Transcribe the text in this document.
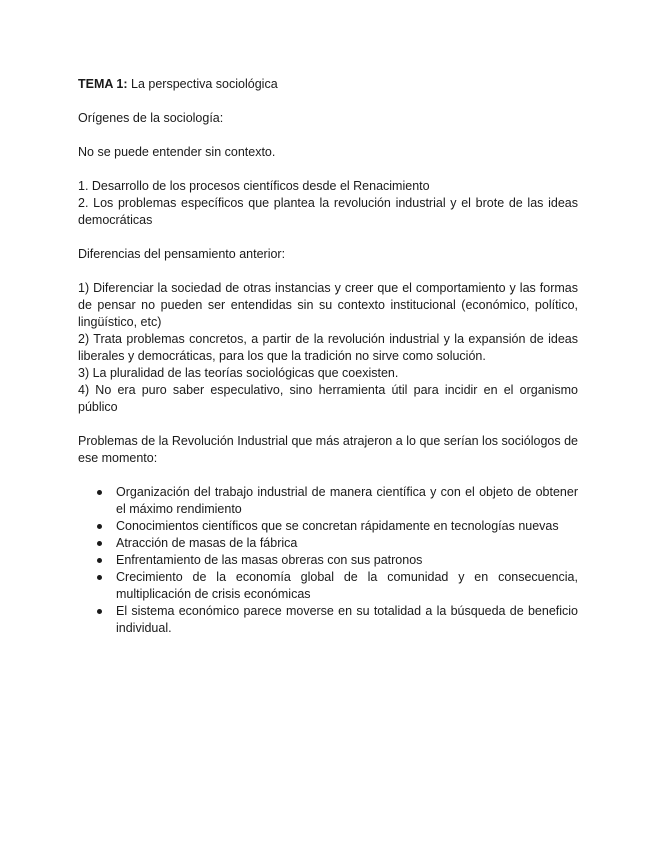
TEMA 1: La perspectiva sociológica

Orígenes de la sociología:

No se puede entender sin contexto.

1. Desarrollo de los procesos científicos desde el Renacimiento

2. Los problemas específicos que plantea la revolución industrial y el brote de las ideas democráticas

Diferencias del pensamiento anterior:

1) Diferenciar la sociedad de otras instancias y creer que el comportamiento y las formas de pensar no pueden ser entendidas sin su contexto institucional (económico, político, lingüístico, etc)

2) Trata problemas concretos, a partir de la revolución industrial y la expansión de ideas liberales y democráticas, para los que la tradición no sirve como solución.

3) La pluralidad de las teorías sociológicas que coexisten.

4) No era puro saber especulativo, sino herramienta útil para incidir en el organismo público

Problemas de la Revolución Industrial que más atrajeron a lo que serían los sociólogos de ese momento:

Organización del trabajo industrial de manera científica y con el objeto de obtener el máximo rendimiento
Conocimientos científicos que se concretan rápidamente en tecnologías nuevas
Atracción de masas de la fábrica
Enfrentamiento de las masas obreras con sus patronos
Crecimiento de la economía global de la comunidad y en consecuencia, multiplicación de crisis económicas
El sistema económico parece moverse en su totalidad a la búsqueda de beneficio individual.
